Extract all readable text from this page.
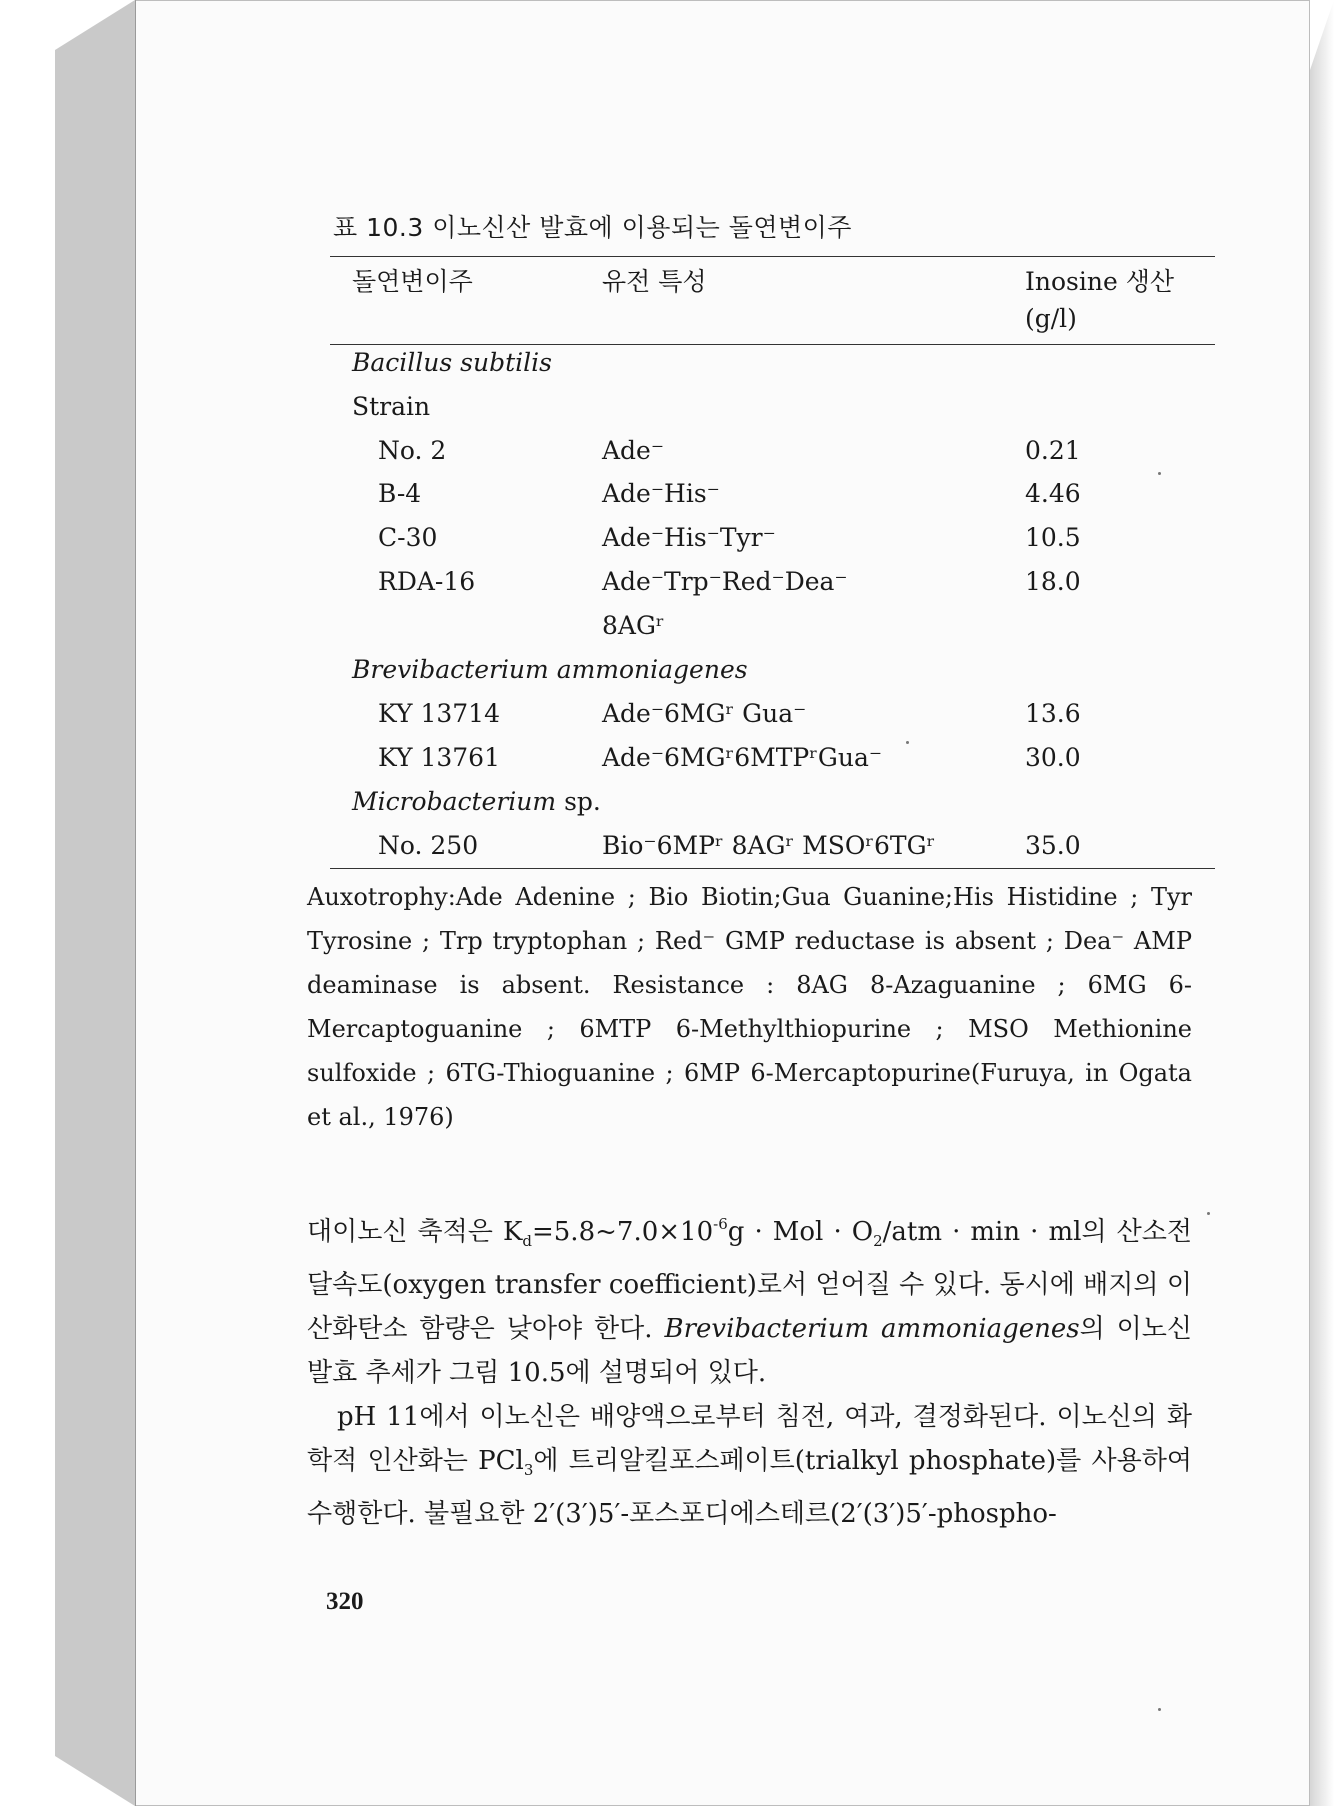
표 10.3 이노신산 발효에 이용되는 돌연변이주
돌연변이주	유전 특성	Inosine 생산
(g/l)
Bacillus subtilis
Strain
No. 2	Ade⁻	0.21
B-4	Ade⁻His⁻	4.46
C-30	Ade⁻His⁻Tyr⁻	10.5
RDA-16	Ade⁻Trp⁻Red⁻Dea⁻	18.0
8AGʳ
Brevibacterium ammoniagenes
KY 13714	Ade⁻6MGʳ Gua⁻	13.6
KY 13761	Ade⁻6MGʳ6MTPʳGua⁻	30.0
Microbacterium sp.
No. 250	Bio⁻6MPʳ 8AGʳ MSOʳ6TGʳ	35.0
Auxotrophy:Ade Adenine ; Bio Biotin;Gua Guanine;His Histidine ; Tyr Tyrosine ; Trp tryptophan ; Red⁻ GMP reductase is absent ; Dea⁻ AMP deaminase is absent. Resistance : 8AG 8-Azaguanine ; 6MG 6-Mercaptoguanine ; 6MTP 6-Methylthiopurine ; MSO Methionine sulfoxide ; 6TG-Thioguanine ; 6MP 6-Mercaptopurine(Furuya, in Ogata et al., 1976)

대이노신 축적은 $K_d=5.8\sim 7.0\times 10^{-6}g$ · Mol · $O_2$/atm · min · ml의 산소전달속도(oxygen transfer coefficient)로서 얻어질 수 있다. 동시에 배지의 이산화탄소 함량은 낮아야 한다. Brevibacterium ammoniagenes의 이노신 발효 추세가 그림 10.5에 설명되어 있다.

pH 11에서 이노신은 배양액으로부터 침전, 여과, 결정화된다. 이노신의 화학적 인산화는 PCl$_3$에 트리알킬포스페이트(trialkyl phosphate)를 사용하여 수행한다. 불필요한 2′(3′)5′-포스포디에스테르(2′(3′)5′-phospho-

320
